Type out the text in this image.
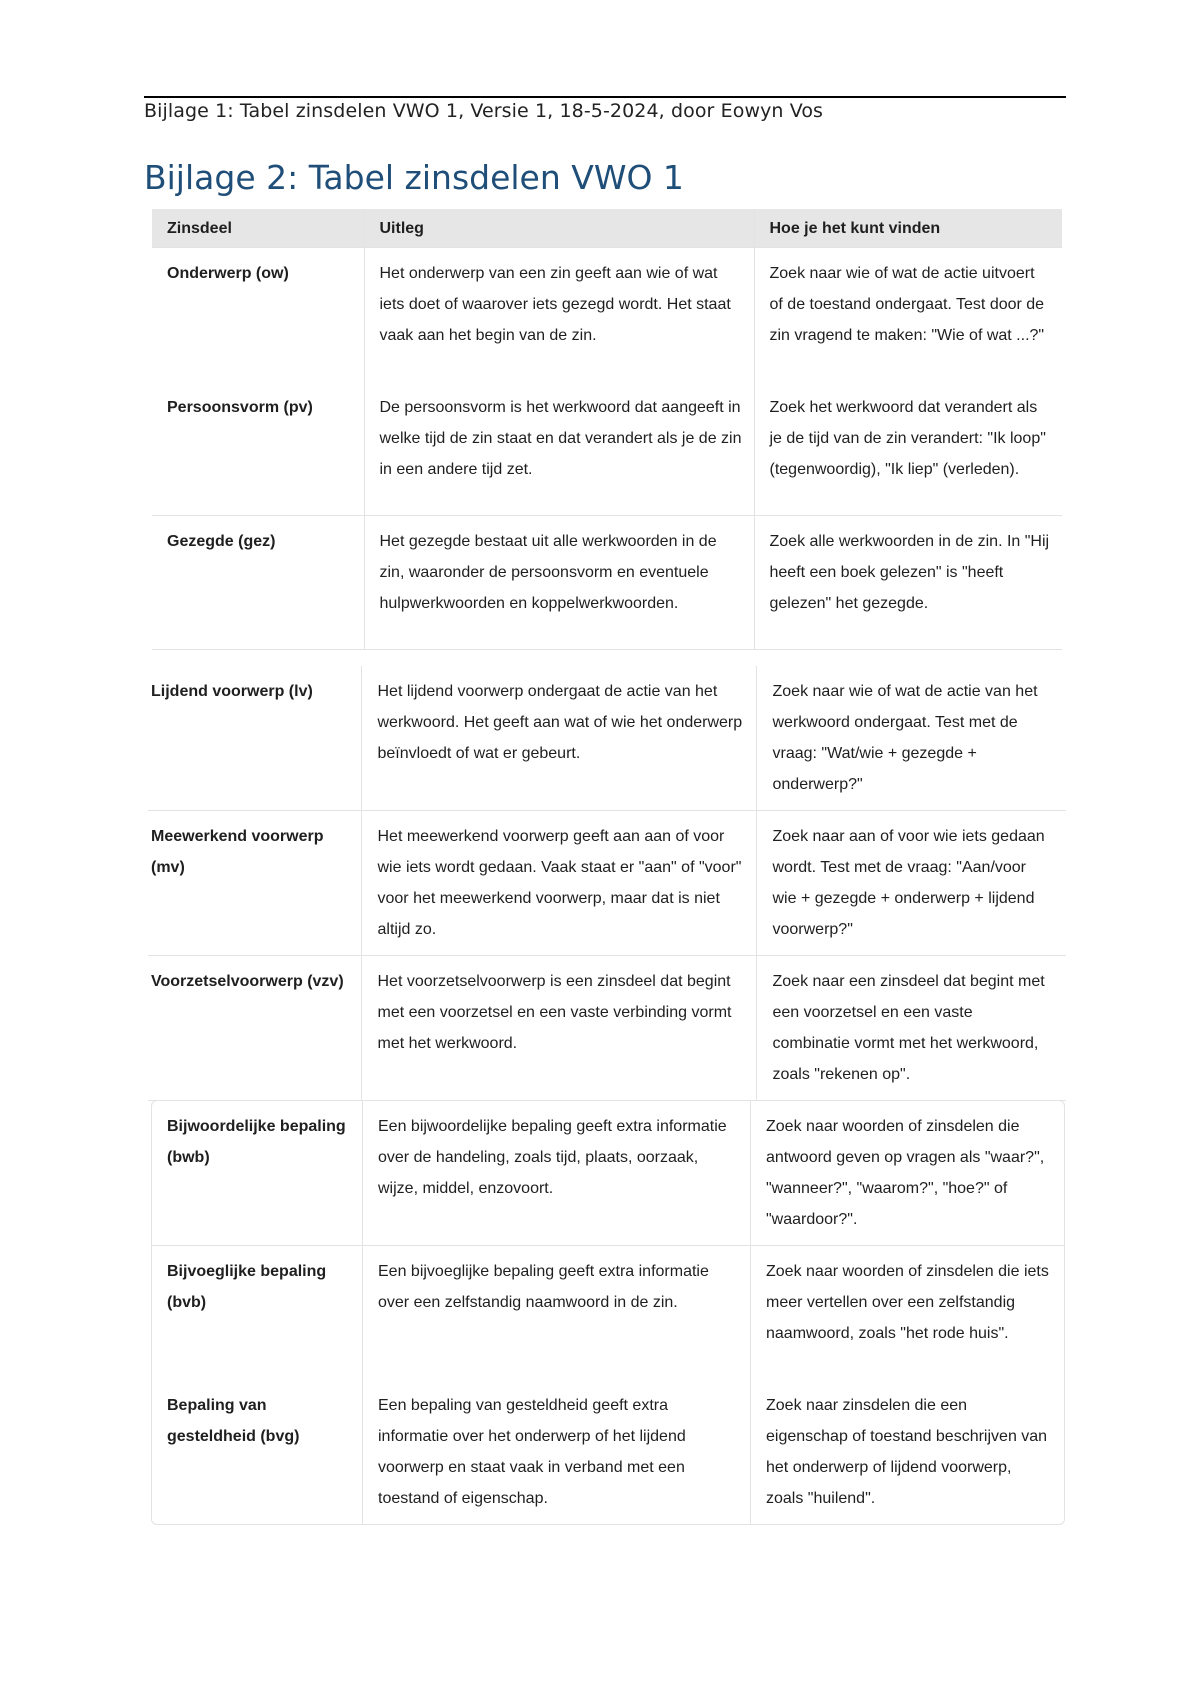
Bijlage 1: Tabel zinsdelen VWO 1, Versie 1, 18-5-2024, door Eowyn Vos
Bijlage 2: Tabel zinsdelen VWO 1
Zinsdeel	Uitleg	Hoe je het kunt vinden
Onderwerp (ow)	Het onderwerp van een zin geeft aan wie of wat iets doet of waarover iets gezegd wordt. Het staat vaak aan het begin van de zin.	Zoek naar wie of wat de actie uitvoert of de toestand ondergaat. Test door de zin vragend te maken: "Wie of wat ...?"
Persoonsvorm (pv)	De persoonsvorm is het werkwoord dat aangeeft in welke tijd de zin staat en dat verandert als je de zin in een andere tijd zet.	Zoek het werkwoord dat verandert als je de tijd van de zin verandert: "Ik loop" (tegenwoordig), "Ik liep" (verleden).
Gezegde (gez)	Het gezegde bestaat uit alle werkwoorden in de zin, waaronder de persoonsvorm en eventuele hulpwerkwoorden en koppelwerkwoorden.	Zoek alle werkwoorden in de zin. In "Hij heeft een boek gelezen" is "heeft gelezen" het gezegde.
Lijdend voorwerp (lv)	Het lijdend voorwerp ondergaat de actie van het werkwoord. Het geeft aan wat of wie het onderwerp beïnvloedt of wat er gebeurt.	Zoek naar wie of wat de actie van het werkwoord ondergaat. Test met de vraag: "Wat/wie + gezegde + onderwerp?"
Meewerkend voorwerp (mv)	Het meewerkend voorwerp geeft aan aan of voor wie iets wordt gedaan. Vaak staat er "aan" of "voor" voor het meewerkend voorwerp, maar dat is niet altijd zo.	Zoek naar aan of voor wie iets gedaan wordt. Test met de vraag: "Aan/voor wie + gezegde + onderwerp + lijdend voorwerp?"
Voorzetselvoorwerp (vzv)	Het voorzetselvoorwerp is een zinsdeel dat begint met een voorzetsel en een vaste verbinding vormt met het werkwoord.	Zoek naar een zinsdeel dat begint met een voorzetsel en een vaste combinatie vormt met het werkwoord, zoals "rekenen op".
Bijwoordelijke bepaling (bwb)	Een bijwoordelijke bepaling geeft extra informatie over de handeling, zoals tijd, plaats, oorzaak, wijze, middel, enzovoort.	Zoek naar woorden of zinsdelen die antwoord geven op vragen als "waar?", "wanneer?", "waarom?", "hoe?" of "waardoor?".
Bijvoeglijke bepaling (bvb)	Een bijvoeglijke bepaling geeft extra informatie over een zelfstandig naamwoord in de zin.	Zoek naar woorden of zinsdelen die iets meer vertellen over een zelfstandig naamwoord, zoals "het rode huis".
Bepaling van gesteldheid (bvg)	Een bepaling van gesteldheid geeft extra informatie over het onderwerp of het lijdend voorwerp en staat vaak in verband met een toestand of eigenschap.	Zoek naar zinsdelen die een eigenschap of toestand beschrijven van het onderwerp of lijdend voorwerp, zoals "huilend".
